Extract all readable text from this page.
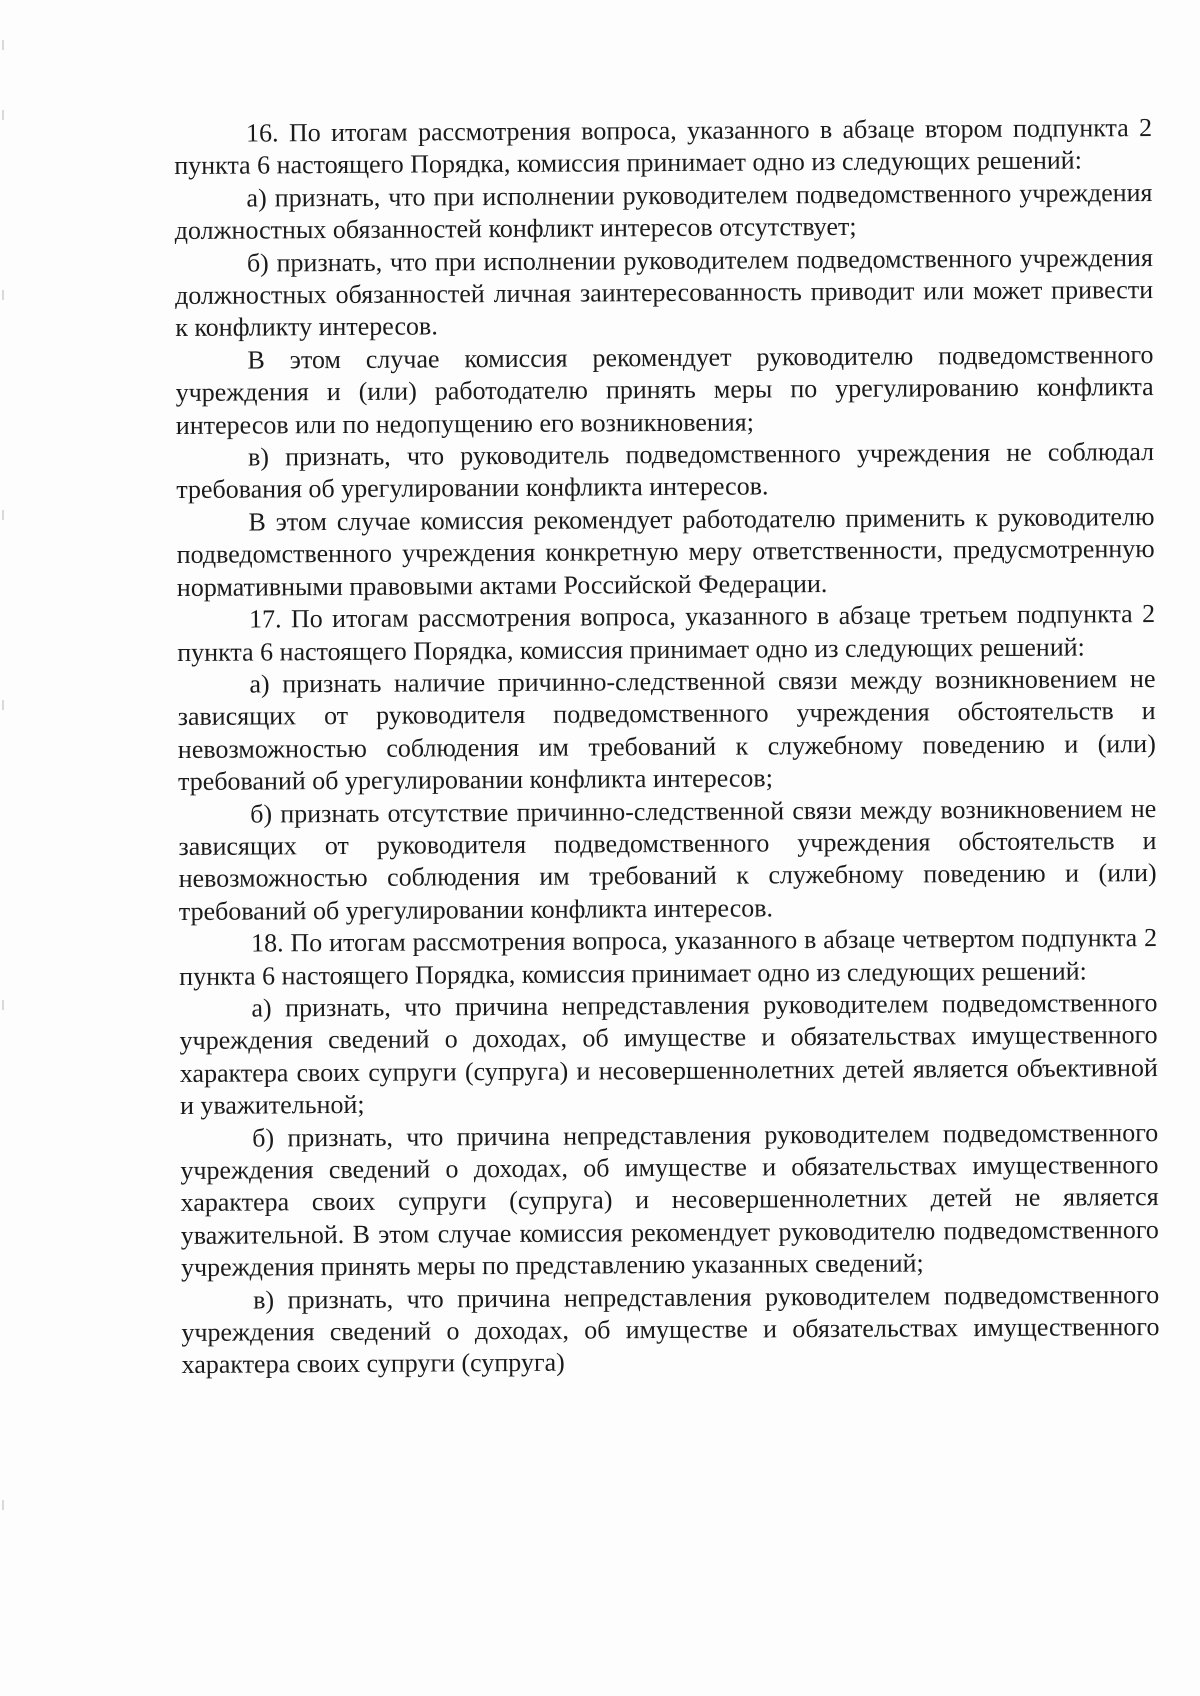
16. По итогам рассмотрения вопроса, указанного в абзаце втором подпункта 2 пункта 6 настоящего Порядка, комиссия принимает одно из следующих решений:

а) признать, что при исполнении руководителем подведомственного учреждения должностных обязанностей конфликт интересов отсутствует;

б) признать, что при исполнении руководителем подведомственного учреждения должностных обязанностей личная заинтересованность приводит или может привести к конфликту интересов.

В этом случае комиссия рекомендует руководителю подведомственного учреждения и (или) работодателю принять меры по урегулированию конфликта интересов или по недопущению его возникновения;

в) признать, что руководитель подведомственного учреждения не соблюдал требования об урегулировании конфликта интересов.

В этом случае комиссия рекомендует работодателю применить к руководителю подведомственного учреждения конкретную меру ответственности, предусмотренную нормативными правовыми актами Российской Федерации.

17. По итогам рассмотрения вопроса, указанного в абзаце третьем подпункта 2 пункта 6 настоящего Порядка, комиссия принимает одно из следующих решений:

а) признать наличие причинно-следственной связи между возникновением не зависящих от руководителя подведомственного учреждения обстоятельств и невозможностью соблюдения им требований к служебному поведению и (или) требований об урегулировании конфликта интересов;

б) признать отсутствие причинно-следственной связи между возникновением не зависящих от руководителя подведомственного учреждения обстоятельств и невозможностью соблюдения им требований к служебному поведению и (или) требований об урегулировании конфликта интересов.

18. По итогам рассмотрения вопроса, указанного в абзаце четвертом подпункта 2 пункта 6 настоящего Порядка, комиссия принимает одно из следующих решений:

а) признать, что причина непредставления руководителем подведомственного учреждения сведений о доходах, об имуществе и обязательствах имущественного характера своих супруги (супруга) и несовершеннолетних детей является объективной и уважительной;

б) признать, что причина непредставления руководителем подведомственного учреждения сведений о доходах, об имуществе и обязательствах имущественного характера своих супруги (супруга) и несовершеннолетних детей не является уважительной. В этом случае комиссия рекомендует руководителю подведомственного учреждения принять меры по представлению указанных сведений;

в) признать, что причина непредставления руководителем подведомственного учреждения сведений о доходах, об имуществе и обязательствах имущественного характера своих супруги (супруга)
